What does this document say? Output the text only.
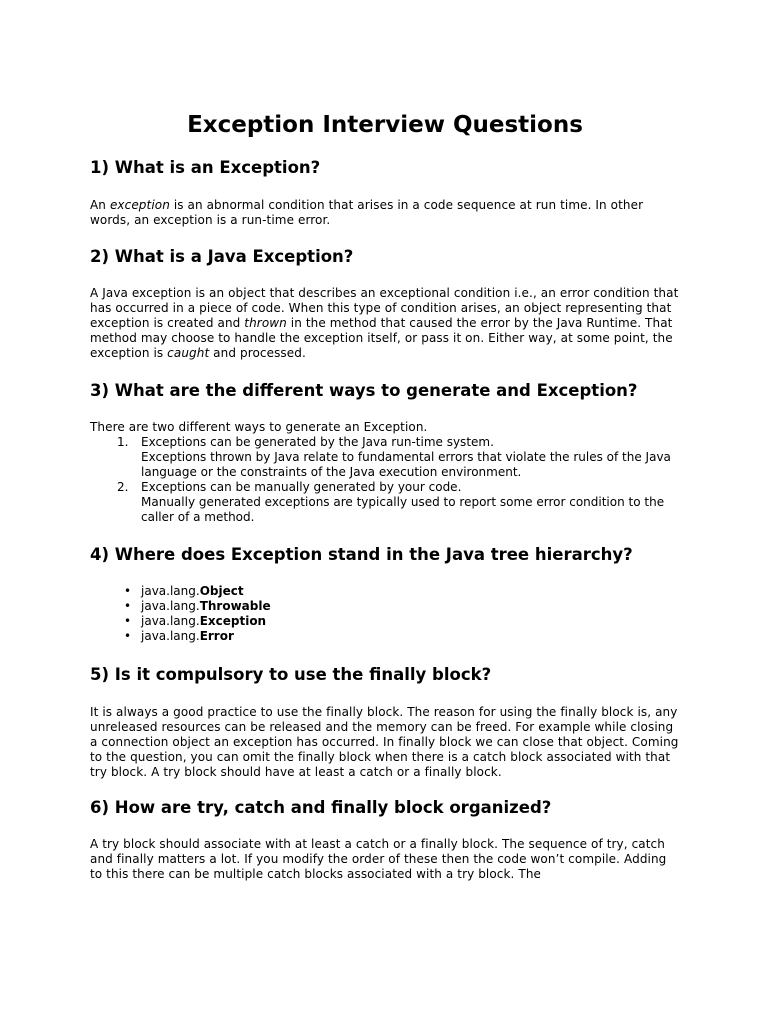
Exception Interview Questions
1) What is an Exception?

An exception is an abnormal condition that arises in a code sequence at run time. In other words, an exception is a run-time error.

2) What is a Java Exception?

A Java exception is an object that describes an exceptional condition i.e., an error condition that has occurred in a piece of code. When this type of condition arises, an object representing that exception is created and thrown in the method that caused the error by the Java Runtime. That method may choose to handle the exception itself, or pass it on. Either way, at some point, the exception is caught and processed.

3) What are the different ways to generate and Exception?

There are two different ways to generate an Exception.

1. Exceptions can be generated by the Java run-time system.
Exceptions thrown by Java relate to fundamental errors that violate the rules of the Java language or the constraints of the Java execution environment.
2. Exceptions can be manually generated by your code.
Manually generated exceptions are typically used to report some error condition to the caller of a method.
4) Where does Exception stand in the Java tree hierarchy?
• java.lang.Object
• java.lang.Throwable
• java.lang.Exception
• java.lang.Error
5) Is it compulsory to use the finally block?

It is always a good practice to use the finally block. The reason for using the finally block is, any unreleased resources can be released and the memory can be freed. For example while closing a connection object an exception has occurred. In finally block we can close that object. Coming to the question, you can omit the finally block when there is a catch block associated with that try block. A try block should have at least a catch or a finally block.

6) How are try, catch and finally block organized?

A try block should associate with at least a catch or a finally block. The sequence of try, catch and finally matters a lot. If you modify the order of these then the code won’t compile. Adding to this there can be multiple catch blocks associated with a try block. The
